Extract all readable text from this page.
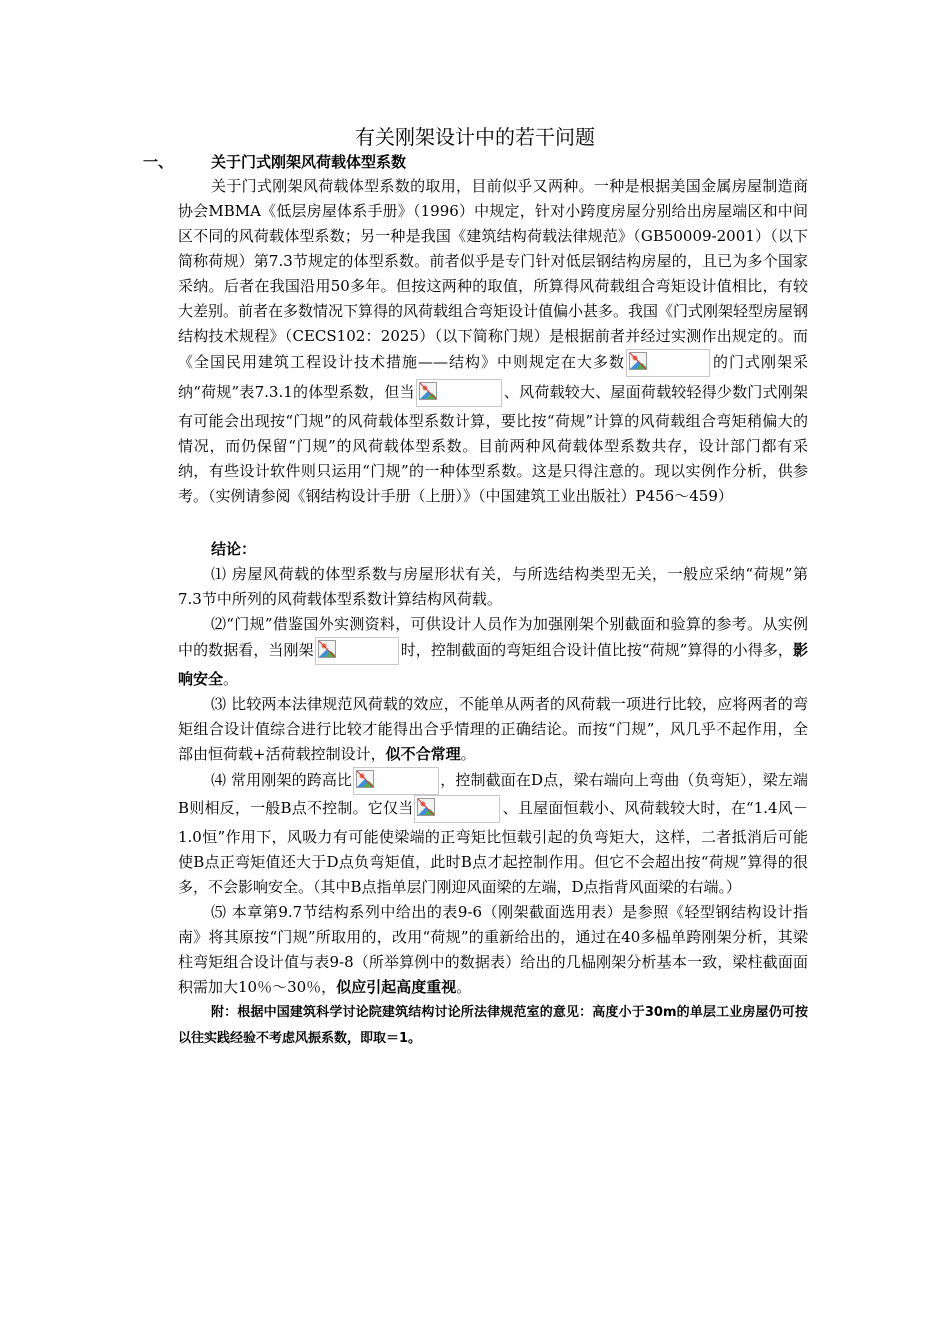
有关刚架设计中的若干问题
一、	关于门式刚架风荷载体型系数

关于门式刚架风荷载体型系数的取用，目前似乎又两种。一种是根据美国金属房屋制造商协会MBMA《低层房屋体系手册》（1996）中规定，针对小跨度房屋分别给出房屋端区和中间区不同的风荷载体型系数；另一种是我国《建筑结构荷载法律规范》（GB50009-2001）（以下简称荷规）第7.3节规定的体型系数。前者似乎是专门针对低层钢结构房屋的，且已为多个国家采纳。后者在我国沿用50多年。但按这两种的取值，所算得风荷载组合弯矩设计值相比，有较大差别。前者在多数情况下算得的风荷载组合弯矩设计值偏小甚多。我国《门式刚架轻型房屋钢结构技术规程》（CECS102：2025）（以下简称门规）是根据前者并经过实测作出规定的。而《全国民用建筑工程设计技术措施——结构》中则规定在大多数	的门式刚架采纳“荷规”表7.3.1的体型系数，但当	、风荷载较大、屋面荷载较轻得少数门式刚架有可能会出现按“门规”的风荷载体型系数计算，要比按“荷规”计算的风荷载组合弯矩稍偏大的情况，而仍保留“门规”的风荷载体型系数。目前两种风荷载体型系数共存，设计部门都有采纳，有些设计软件则只运用“门规”的一种体型系数。这是只得注意的。现以实例作分析，供参考。（实例请参阅《钢结构设计手册（上册）》（中国建筑工业出版社）P456～459）

结论：

⑴ 房屋风荷载的体型系数与房屋形状有关，与所选结构类型无关，一般应采纳“荷规”第7.3节中所列的风荷载体型系数计算结构风荷载。

⑵“门规”借鉴国外实测资料，可供设计人员作为加强刚架个别截面和验算的参考。从实例中的数据看，当刚架	时，控制截面的弯矩组合设计值比按“荷规”算得的小得多，影响安全。

⑶ 比较两本法律规范风荷载的效应，不能单从两者的风荷载一项进行比较，应将两者的弯矩组合设计值综合进行比较才能得出合乎情理的正确结论。而按“门规”，风几乎不起作用，全部由恒荷载+活荷载控制设计，似不合常理。

⑷ 常用刚架的跨高比	，控制截面在D点，梁右端向上弯曲（负弯矩），梁左端B则相反，一般B点不控制。它仅当	、且屋面恒载小、风荷载较大时，在“1.4风－1.0恒”作用下，风吸力有可能使梁端的正弯矩比恒载引起的负弯矩大，这样，二者抵消后可能使B点正弯矩值还大于D点负弯矩值，此时B点才起控制作用。但它不会超出按“荷规”算得的很多，不会影响安全。（其中B点指单层门刚迎风面梁的左端，D点指背风面梁的右端。）

⑸ 本章第9.7节结构系列中给出的表9-6（刚架截面选用表）是参照《轻型钢结构设计指南》将其原按“门规”所取用的，改用“荷规”的重新给出的，通过在40多榀单跨刚架分析，其梁柱弯矩组合设计值与表9-8（所举算例中的数据表）给出的几榀刚架分析基本一致，梁柱截面面积需加大10％～30％，似应引起高度重视。

附：根据中国建筑科学讨论院建筑结构讨论所法律规范室的意见：高度小于30m的单层工业房屋仍可按以往实践经验不考虑风振系数，即取＝1。
